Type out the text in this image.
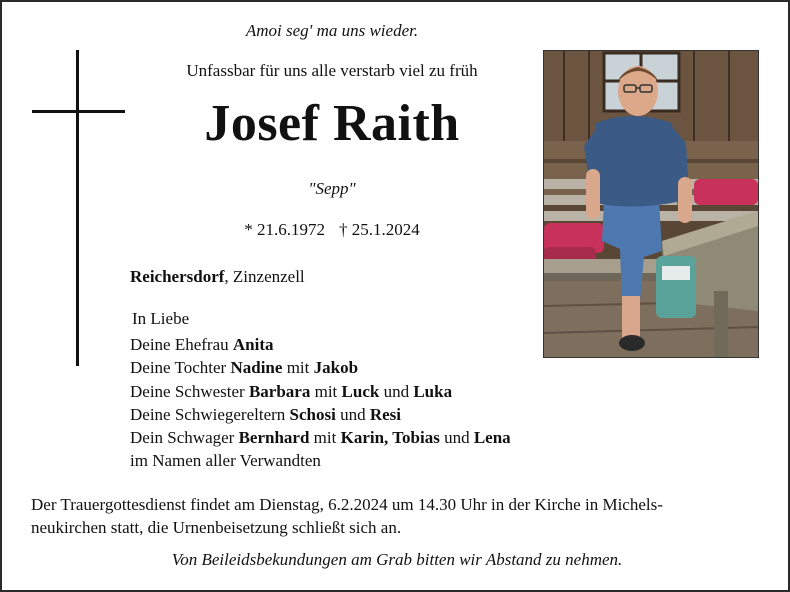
Amoi seg' ma uns wieder.
Unfassbar für uns alle verstarb viel zu früh
Josef Raith
"Sepp"
* 21.6.1972 † 25.1.2024
Reichersdorf, Zinzenzell
In Liebe
Deine Ehefrau Anita
Deine Tochter Nadine mit Jakob
Deine Schwester Barbara mit Luck und Luka
Deine Schwiegereltern Schosi und Resi
Dein Schwager Bernhard mit Karin, Tobias und Lena
im Namen aller Verwandten
Der Trauergottesdienst findet am Dienstag, 6.2.2024 um 14.30 Uhr in der Kirche in Michels-
neukirchen statt, die Urnenbeisetzung schließt sich an.
Von Beileidsbekundungen am Grab bitten wir Abstand zu nehmen.
